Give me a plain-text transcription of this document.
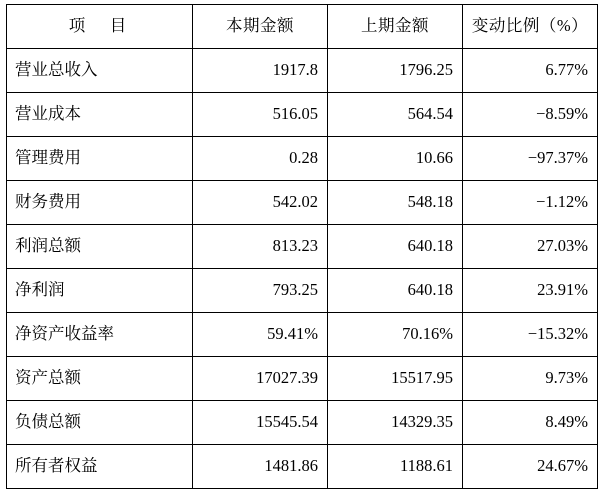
项　目	本期金额	上期金额	变动比例（%）
营业总收入	1917.8	1796.25	6.77%
营业成本	516.05	564.54	−8.59%
管理费用	0.28	10.66	−97.37%
财务费用	542.02	548.18	−1.12%
利润总额	813.23	640.18	27.03%
净利润	793.25	640.18	23.91%
净资产收益率	59.41%	70.16%	−15.32%
资产总额	17027.39	15517.95	9.73%
负债总额	15545.54	14329.35	8.49%
所有者权益	1481.86	1188.61	24.67%
